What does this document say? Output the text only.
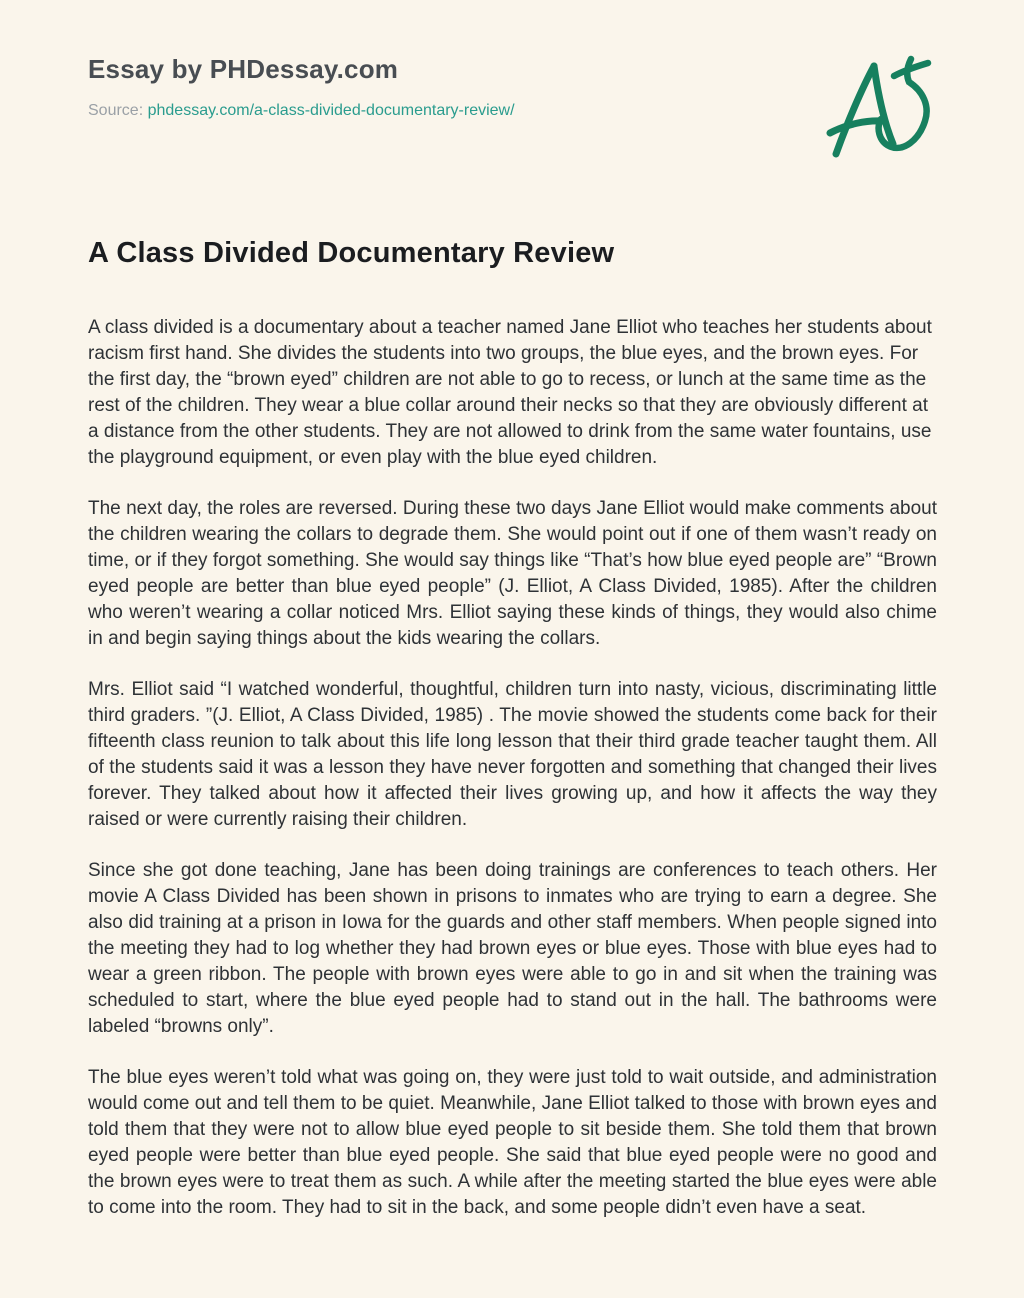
Essay by PHDessay.com
Source: phdessay.com/a-class-divided-documentary-review/
A Class Divided Documentary Review

A class divided is a documentary about a teacher named Jane Elliot who teaches her students about racism first hand. She divides the students into two groups, the blue eyes, and the brown eyes. For the first day, the “brown eyed” children are not able to go to recess, or lunch at the same time as the rest of the children. They wear a blue collar around their necks so that they are obviously different at a distance from the other students. They are not allowed to drink from the same water fountains, use the playground equipment, or even play with the blue eyed children.

The next day, the roles are reversed. During these two days Jane Elliot would make comments about the children wearing the collars to degrade them. She would point out if one of them wasn’t ready on time, or if they forgot something. She would say things like “That’s how blue eyed people are” “Brown eyed people are better than blue eyed people” (J. Elliot, A Class Divided, 1985). After the children who weren’t wearing a collar noticed Mrs. Elliot saying these kinds of things, they would also chime in and begin saying things about the kids wearing the collars.

Mrs. Elliot said “I watched wonderful, thoughtful, children turn into nasty, vicious, discriminating little third graders. ”(J. Elliot, A Class Divided, 1985) . The movie showed the students come back for their fifteenth class reunion to talk about this life long lesson that their third grade teacher taught them. All of the students said it was a lesson they have never forgotten and something that changed their lives forever. They talked about how it affected their lives growing up, and how it affects the way they raised or were currently raising their children.

Since she got done teaching, Jane has been doing trainings are conferences to teach others. Her movie A Class Divided has been shown in prisons to inmates who are trying to earn a degree. She also did training at a prison in Iowa for the guards and other staff members. When people signed into the meeting they had to log whether they had brown eyes or blue eyes. Those with blue eyes had to wear a green ribbon. The people with brown eyes were able to go in and sit when the training was scheduled to start, where the blue eyed people had to stand out in the hall. The bathrooms were labeled “browns only”.

The blue eyes weren’t told what was going on, they were just told to wait outside, and administration would come out and tell them to be quiet. Meanwhile, Jane Elliot talked to those with brown eyes and told them that they were not to allow blue eyed people to sit beside them. She told them that brown eyed people were better than blue eyed people. She said that blue eyed people were no good and the brown eyes were to treat them as such. A while after the meeting started the blue eyes were able to come into the room. They had to sit in the back, and some people didn’t even have a seat.
